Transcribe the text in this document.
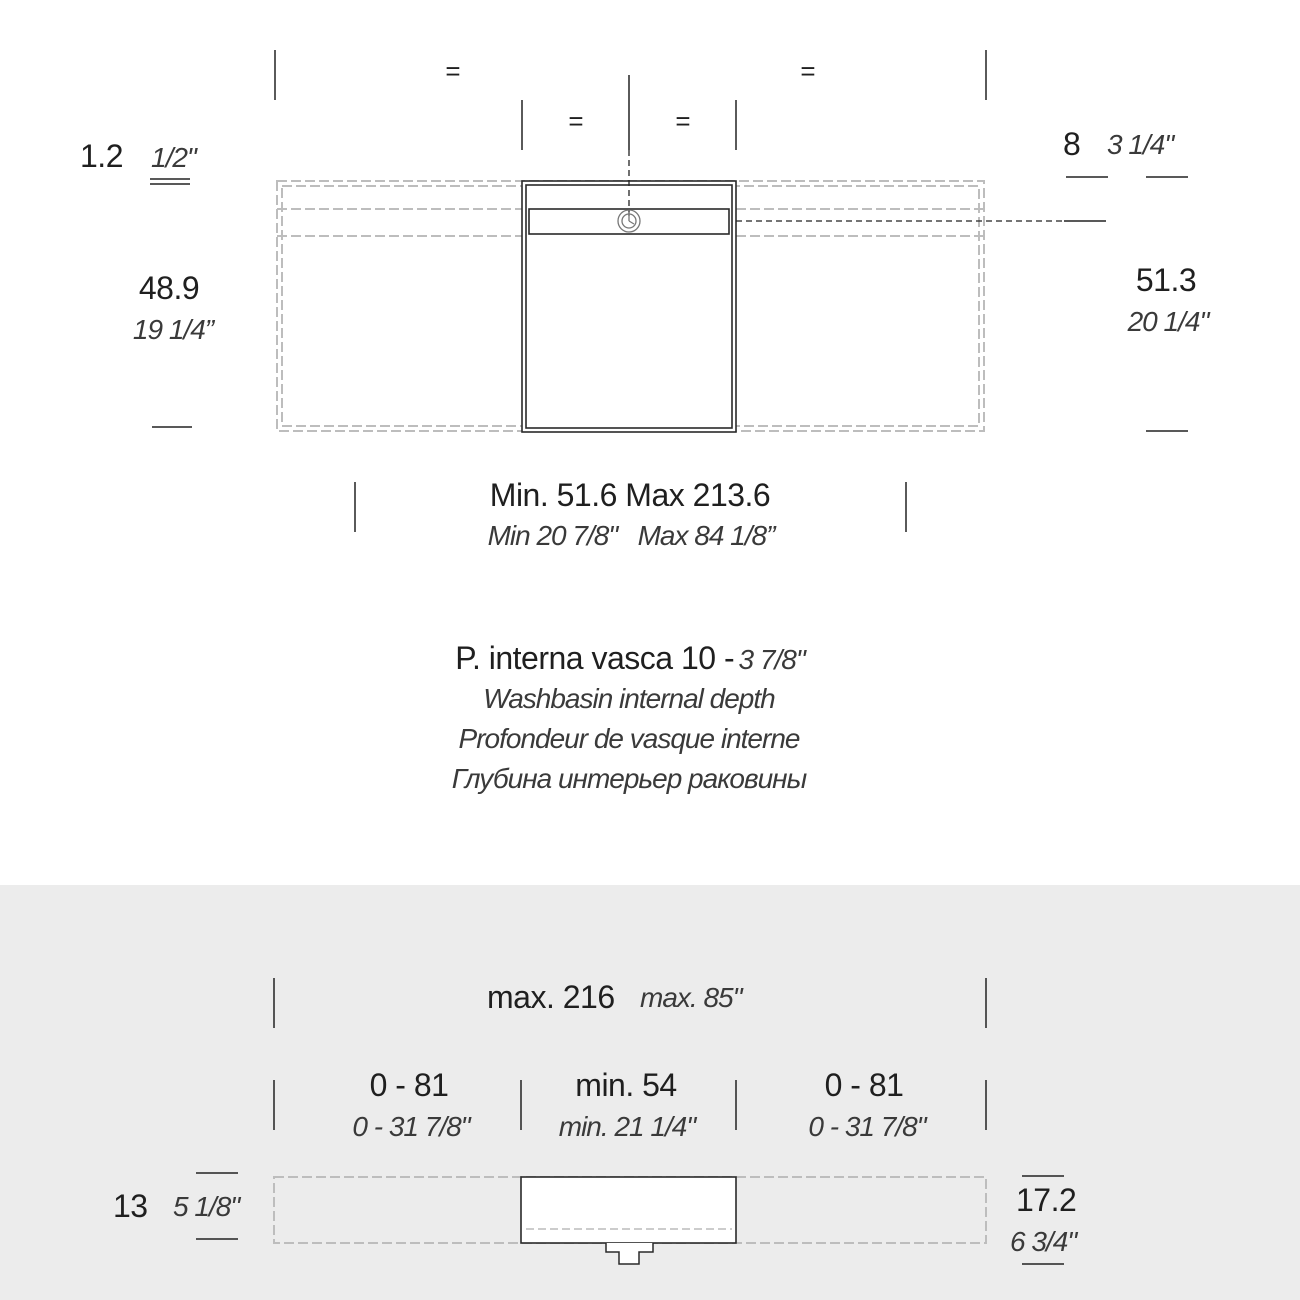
=	=
=	=
1.2 1/2"	8 3 1/4"
48.9
19 1/4”
51.3
20 1/4"
Min. 51.6 Max 213.6
Min 20 7/8"   Max 84 1/8”
P. interna vasca 10 - 3 7/8"
Washbasin internal depth
Profondeur de vasque interne
Глубина интерьер раковины
max. 216 max. 85"
0 - 81
0 - 31 7/8"
min. 54
min. 21 1/4"
0 - 81
0 - 31 7/8"
13 5 1/8"	17.2
6 3/4"
